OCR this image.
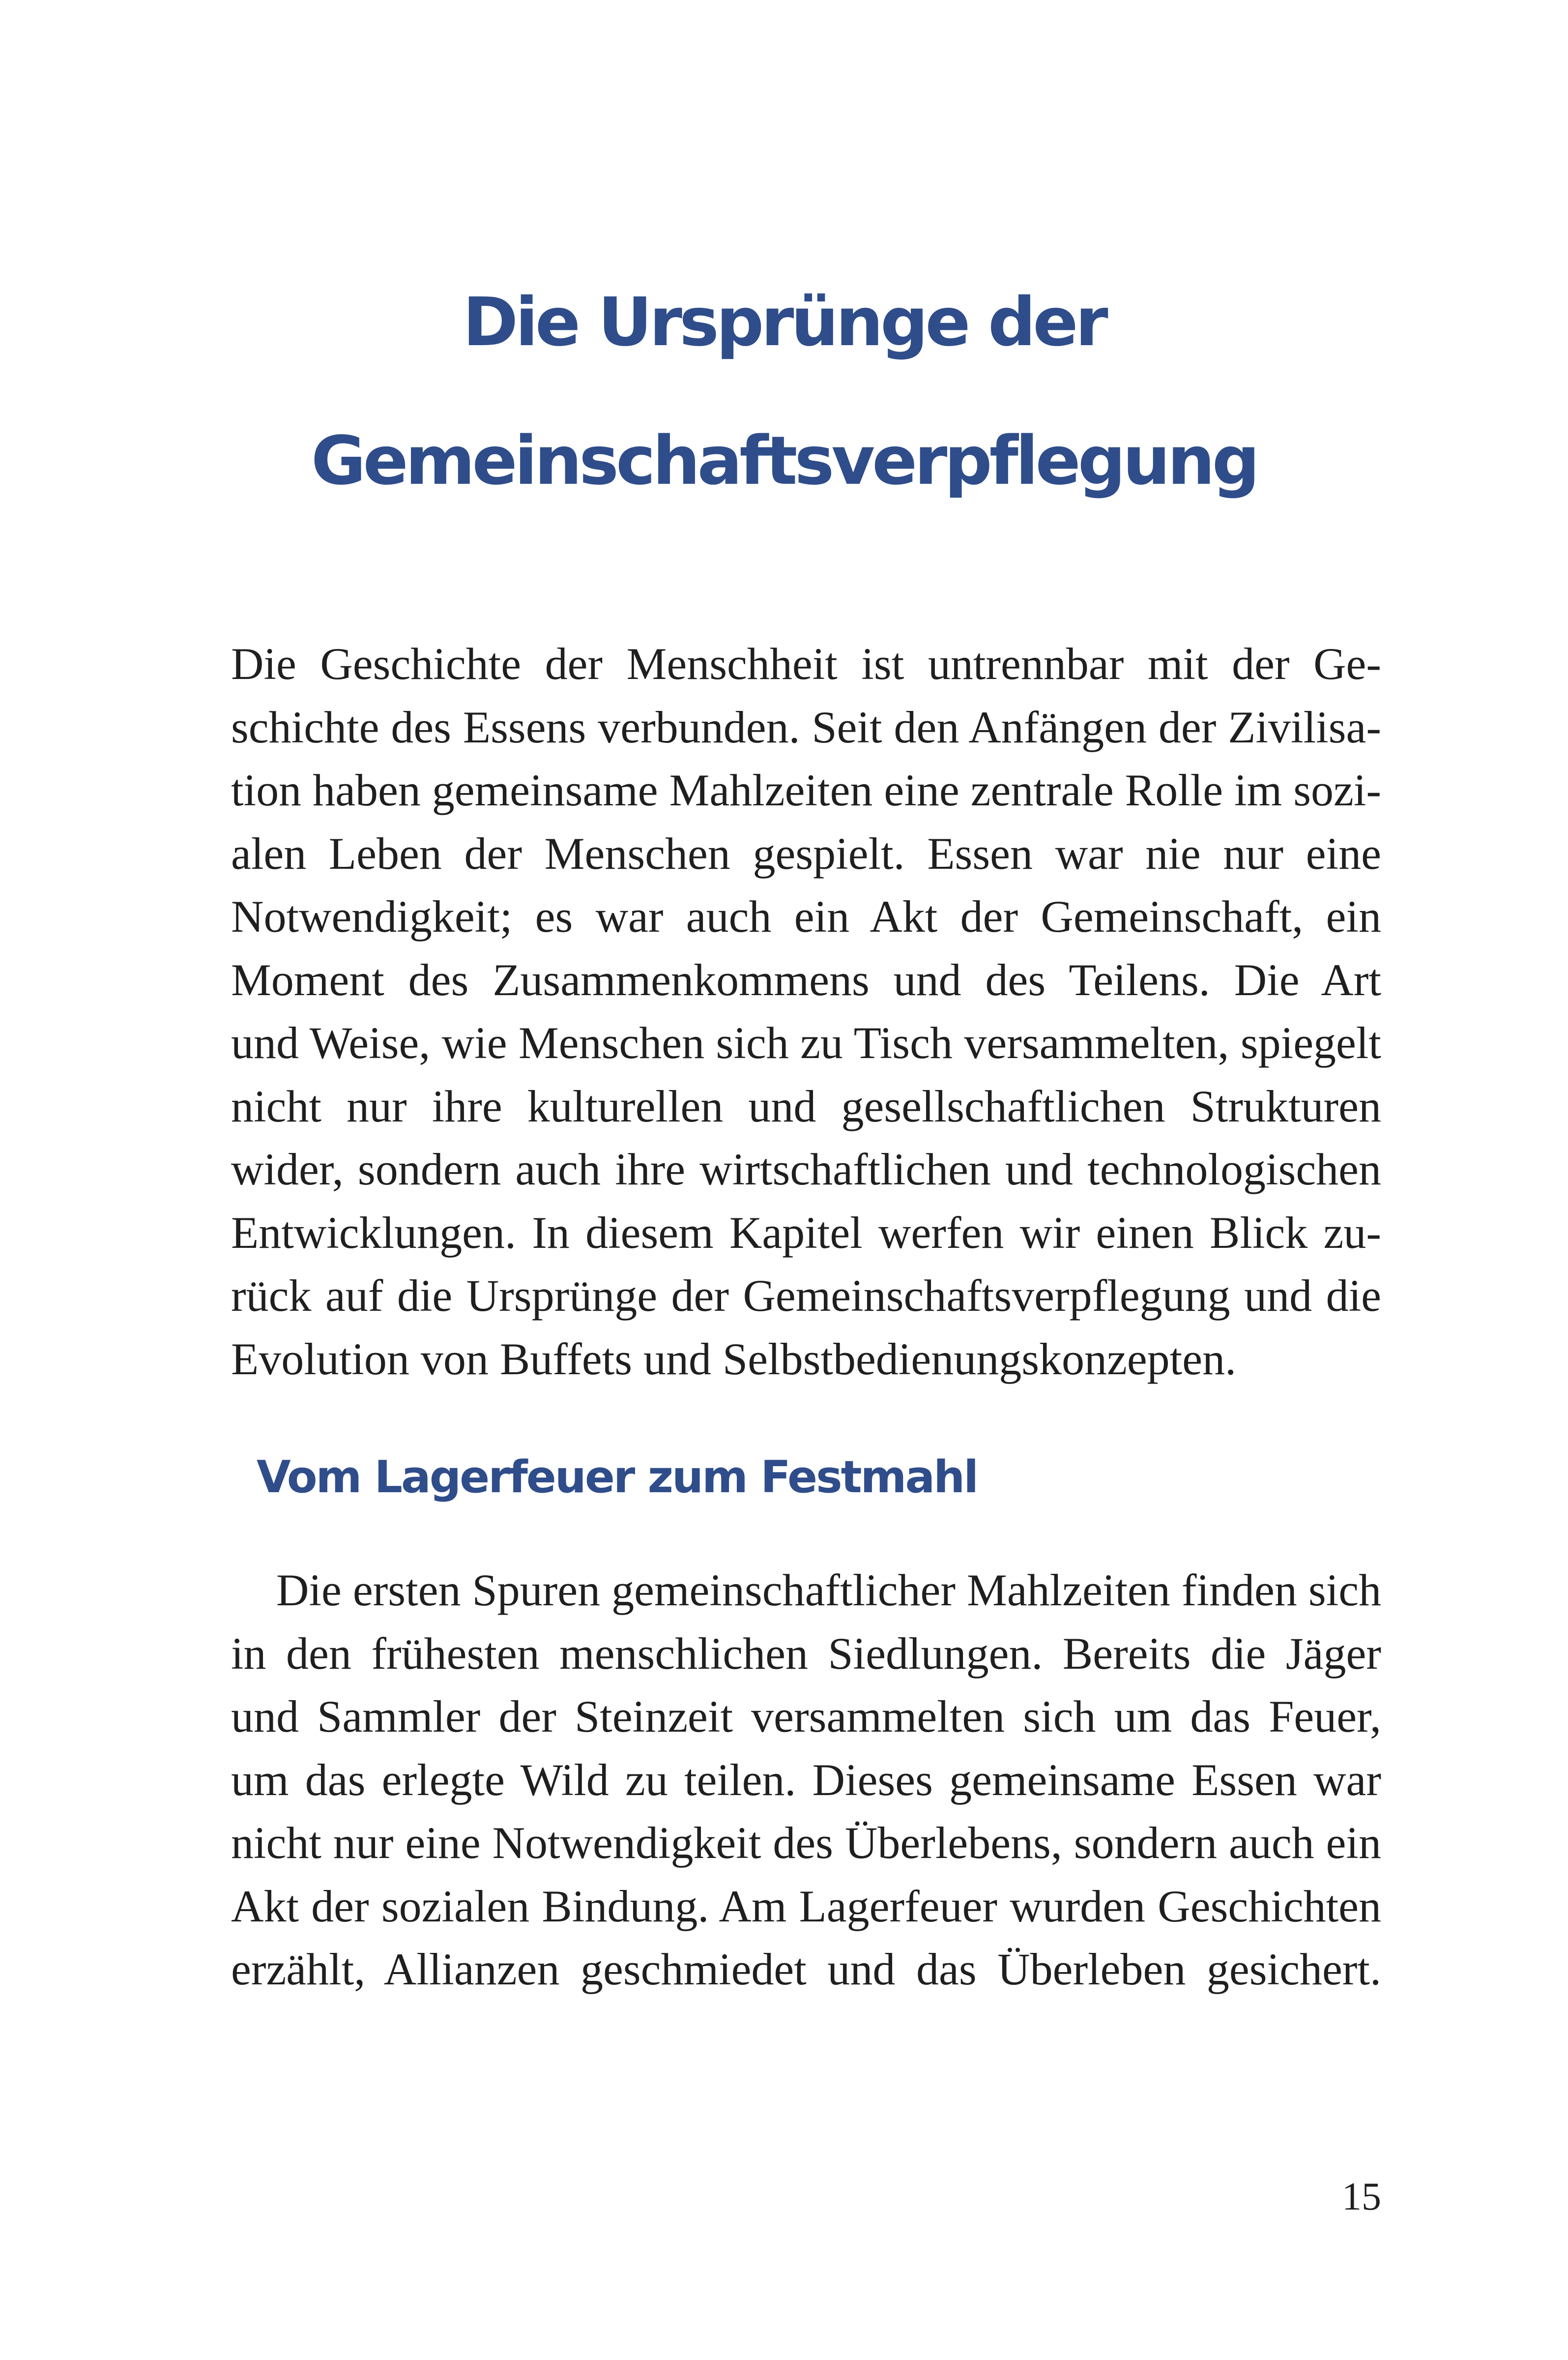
Die Ursprünge der
Gemeinschaftsverpflegung
Die Geschichte der Menschheit ist untrennbar mit der Ge-
schichte des Essens verbunden. Seit den Anfängen der Zivilisa-
tion haben gemeinsame Mahlzeiten eine zentrale Rolle im sozi-
alen Leben der Menschen gespielt. Essen war nie nur eine
Notwendigkeit; es war auch ein Akt der Gemeinschaft, ein
Moment des Zusammenkommens und des Teilens. Die Art
und Weise, wie Menschen sich zu Tisch versammelten, spiegelt
nicht nur ihre kulturellen und gesellschaftlichen Strukturen
wider, sondern auch ihre wirtschaftlichen und technologischen
Entwicklungen. In diesem Kapitel werfen wir einen Blick zu-
rück auf die Ursprünge der Gemeinschaftsverpflegung und die
Evolution von Buffets und Selbstbedienungskonzepten.
Vom Lagerfeuer zum Festmahl
 Die ersten Spuren gemeinschaftlicher Mahlzeiten finden sich
in den frühesten menschlichen Siedlungen. Bereits die Jäger
und Sammler der Steinzeit versammelten sich um das Feuer,
um das erlegte Wild zu teilen. Dieses gemeinsame Essen war
nicht nur eine Notwendigkeit des Überlebens, sondern auch ein
Akt der sozialen Bindung. Am Lagerfeuer wurden Geschichten
erzählt, Allianzen geschmiedet und das Überleben gesichert.
15
